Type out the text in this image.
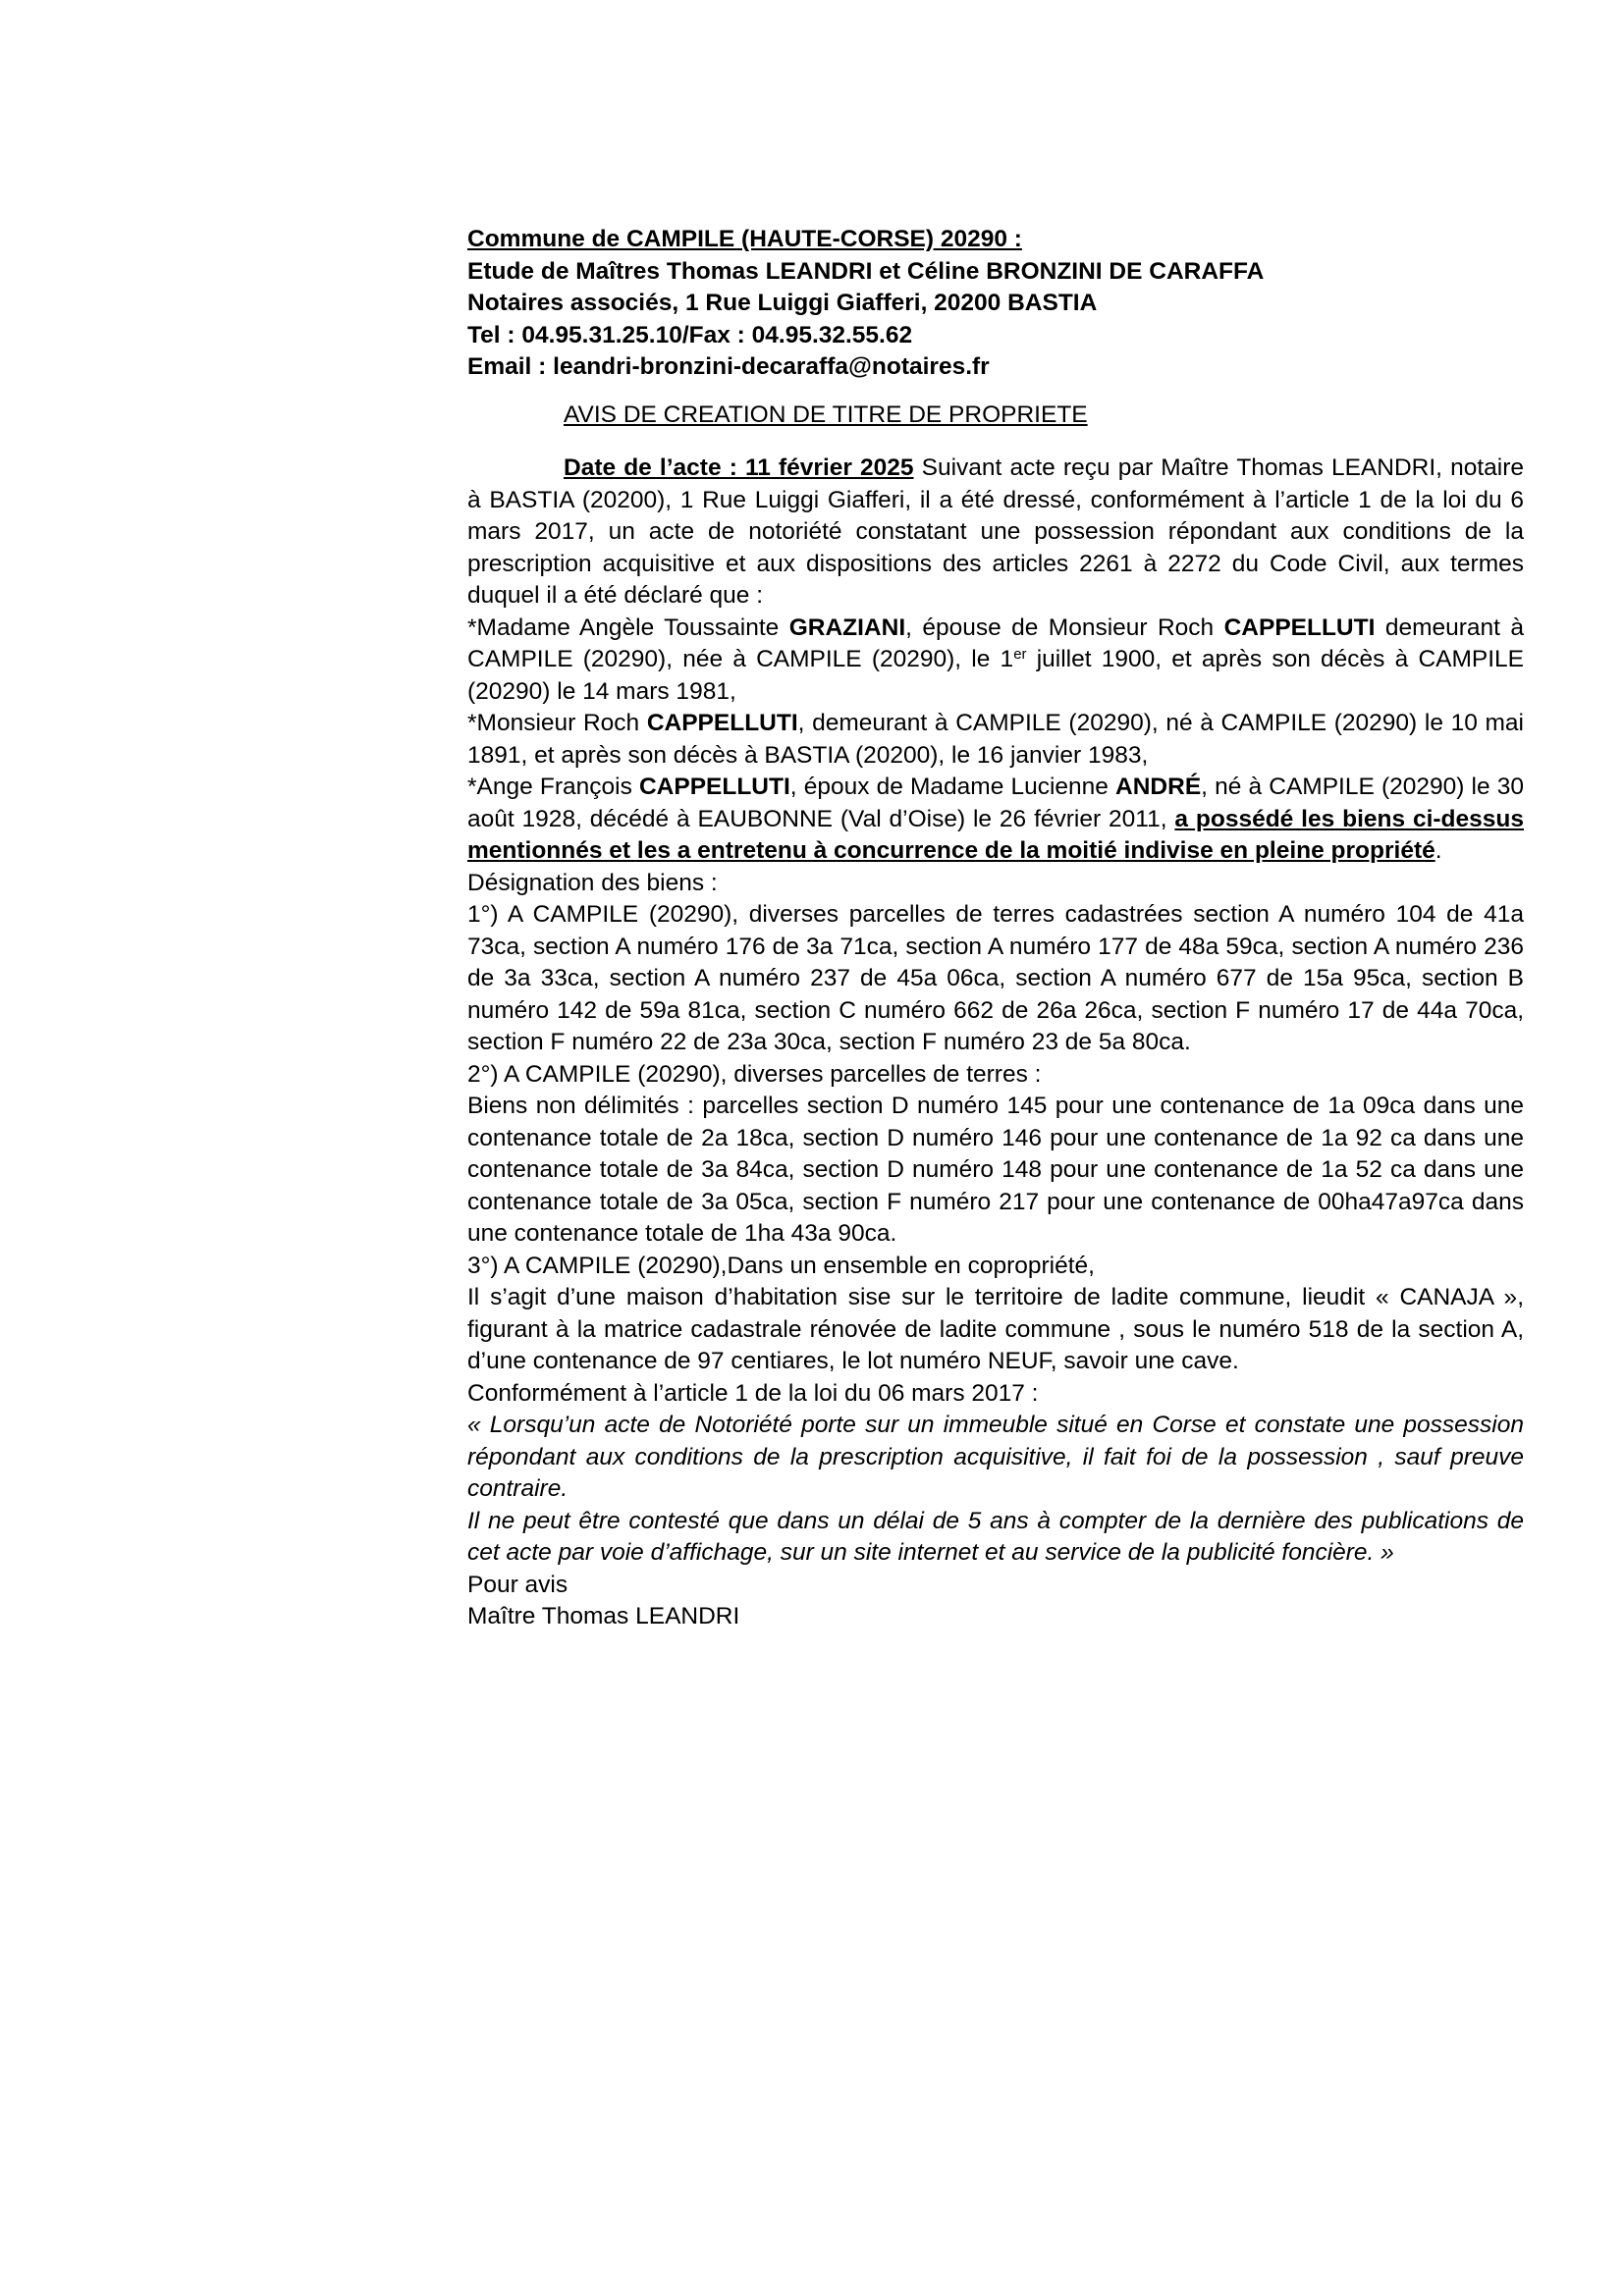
Commune de CAMPILE (HAUTE-CORSE) 20290 :
Etude de Maîtres Thomas LEANDRI et Céline BRONZINI DE CARAFFA
Notaires associés, 1 Rue Luiggi Giafferi, 20200 BASTIA
Tel : 04.95.31.25.10/Fax : 04.95.32.55.62
Email : leandri-bronzini-decaraffa@notaires.fr
AVIS DE CREATION DE TITRE DE PROPRIETE

Date de l’acte : 11 février 2025 Suivant acte reçu par Maître Thomas LEANDRI, notaire à BASTIA (20200), 1 Rue Luiggi Giafferi, il a été dressé, conformément à l’article 1 de la loi du 6 mars 2017, un acte de notoriété constatant une possession répondant aux conditions de la prescription acquisitive et aux dispositions des articles 2261 à 2272 du Code Civil, aux termes duquel il a été déclaré que :

*Madame Angèle Toussainte GRAZIANI, épouse de Monsieur Roch CAPPELLUTI demeurant à CAMPILE (20290), née à CAMPILE (20290), le 1er juillet 1900, et après son décès à CAMPILE (20290) le 14 mars 1981,

*Monsieur Roch CAPPELLUTI, demeurant à CAMPILE (20290), né à CAMPILE (20290) le 10 mai 1891, et après son décès à BASTIA (20200), le 16 janvier 1983,

*Ange François CAPPELLUTI, époux de Madame Lucienne ANDRÉ, né à CAMPILE (20290) le 30 août 1928, décédé à EAUBONNE (Val d’Oise) le 26 février 2011, a possédé les biens ci-dessus mentionnés et les a entretenu à concurrence de la moitié indivise en pleine propriété.

Désignation des biens :

1°) A CAMPILE (20290), diverses parcelles de terres cadastrées section A numéro 104 de 41a 73ca, section A numéro 176 de 3a 71ca, section A numéro 177 de 48a 59ca, section A numéro 236 de 3a 33ca, section A numéro 237 de 45a 06ca, section A numéro 677 de 15a 95ca, section B numéro 142 de 59a 81ca, section C numéro 662 de 26a 26ca, section F numéro 17 de 44a 70ca, section F numéro 22 de 23a 30ca, section F numéro 23 de 5a 80ca.

2°) A CAMPILE (20290), diverses parcelles de terres :

Biens non délimités : parcelles section D numéro 145 pour une contenance de 1a 09ca dans une contenance totale de 2a 18ca, section D numéro 146 pour une contenance de 1a 92 ca dans une contenance totale de 3a 84ca, section D numéro 148 pour une contenance de 1a 52 ca dans une contenance totale de 3a 05ca, section F numéro 217 pour une contenance de 00ha47a97ca dans une contenance totale de 1ha 43a 90ca.

3°) A CAMPILE (20290),Dans un ensemble en copropriété,

Il s’agit d’une maison d’habitation sise sur le territoire de ladite commune, lieudit « CANAJA », figurant à la matrice cadastrale rénovée de ladite commune , sous le numéro 518 de la section A, d’une contenance de 97 centiares, le lot numéro NEUF, savoir une cave.

Conformément à l’article 1 de la loi du 06 mars 2017 :

« Lorsqu’un acte de Notoriété porte sur un immeuble situé en Corse et constate une possession répondant aux conditions de la prescription acquisitive, il fait foi de la possession , sauf preuve contraire.

Il ne peut être contesté que dans un délai de 5 ans à compter de la dernière des publications de cet acte par voie d’affichage, sur un site internet et au service de la publicité foncière. »

Pour avis

Maître Thomas LEANDRI
